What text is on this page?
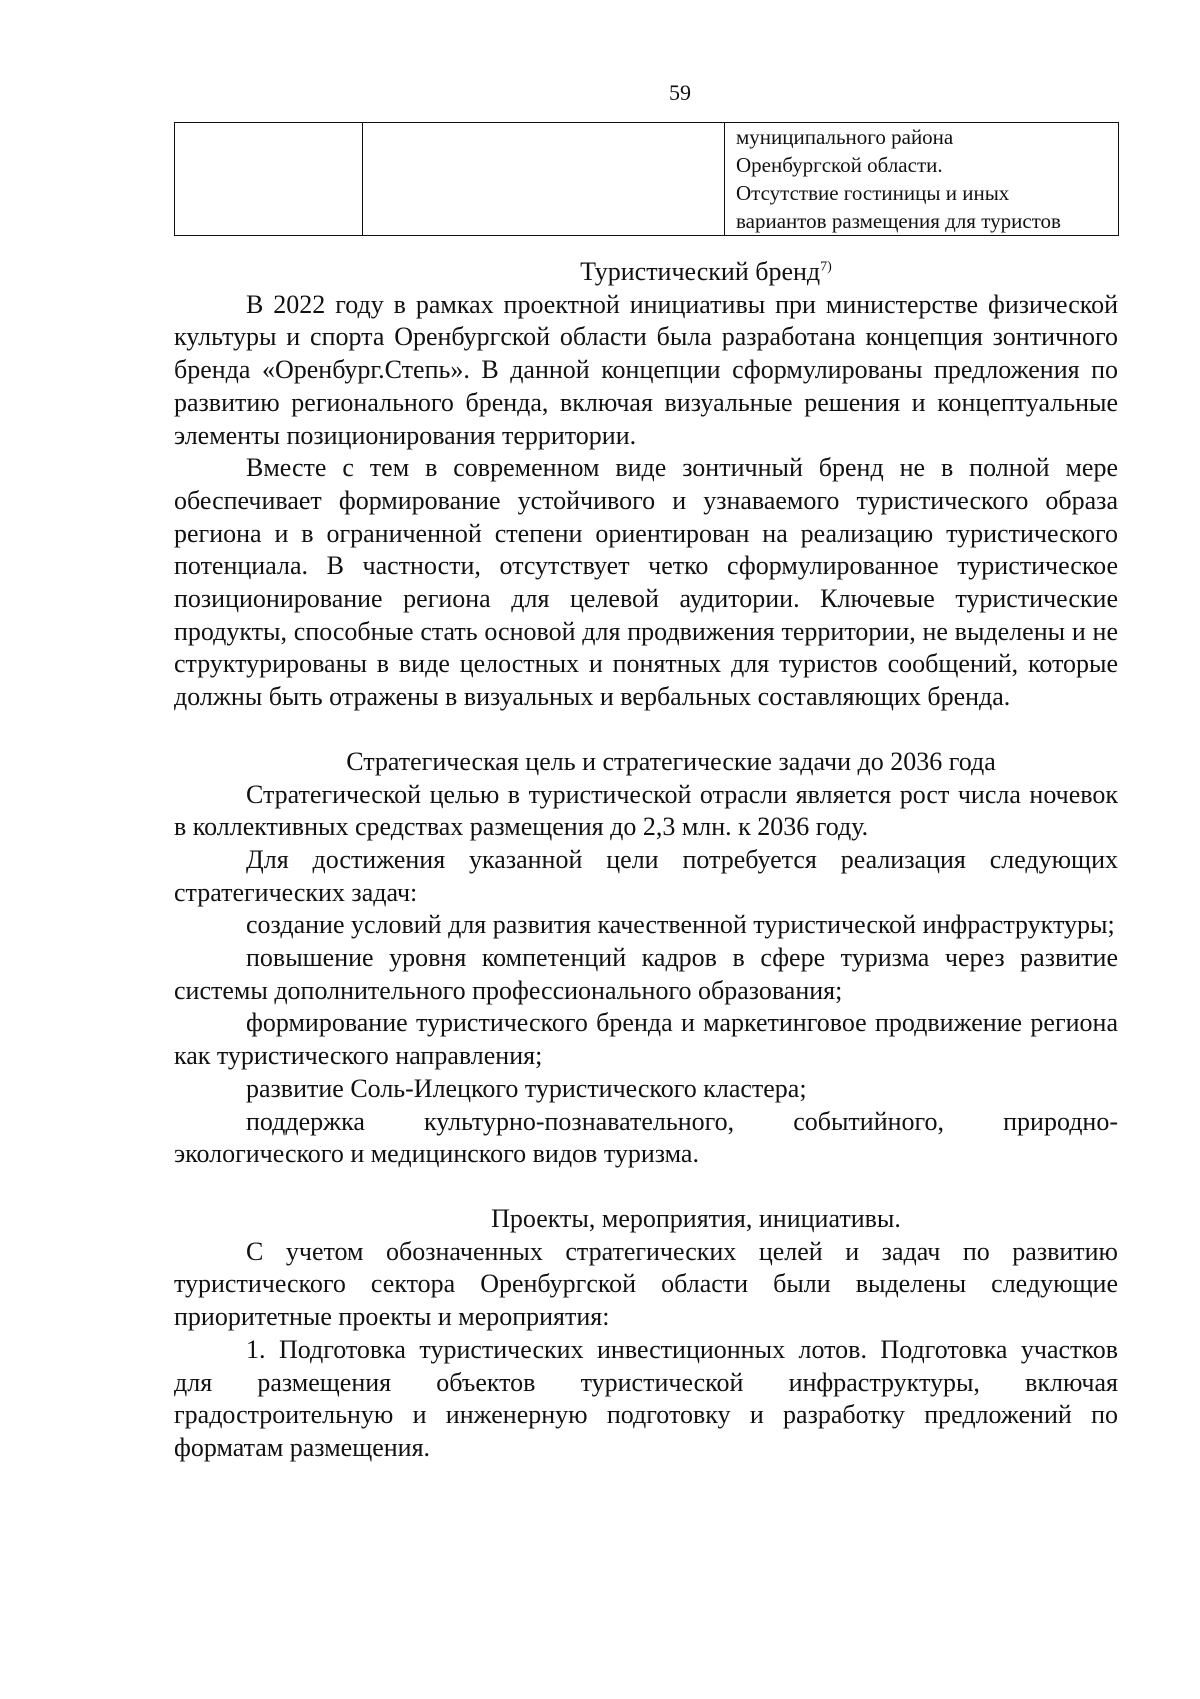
59

муниципального района
Оренбургской области.
Отсутствие гостиницы и иных
вариантов размещения для туристов

Туристический бренд$^{7)}$

В 2022 году в рамках проектной инициативы при министерстве физической культуры и спорта Оренбургской области была разработана концепция зонтичного бренда «Оренбург.Степь». В данной концепции сформулированы предложения по развитию регионального бренда, включая визуальные решения и концептуальные элементы позиционирования территории.

Вместе с тем в современном виде зонтичный бренд не в полной мере обеспечивает формирование устойчивого и узнаваемого туристического образа региона и в ограниченной степени ориентирован на реализацию туристического потенциала. В частности, отсутствует четко сформулированное туристическое позиционирование региона для целевой аудитории. Ключевые туристические продукты, способные стать основой для продвижения территории, не выделены и не структурированы в виде целостных и понятных для туристов сообщений, которые должны быть отражены в визуальных и вербальных составляющих бренда.

Стратегическая цель и стратегические задачи до 2036 года

Стратегической целью в туристической отрасли является рост числа ночевок в коллективных средствах размещения до 2,3 млн. к 2036 году.

Для достижения указанной цели потребуется реализация следующих стратегических задач:

создание условий для развития качественной туристической инфраструктуры;

повышение уровня компетенций кадров в сфере туризма через развитие системы дополнительного профессионального образования;

формирование туристического бренда и маркетинговое продвижение региона как туристического направления;

развитие Соль-Илецкого туристического кластера;

поддержка культурно-познавательного, событийного, природно-экологического и медицинского видов туризма.

Проекты, мероприятия, инициативы.

С учетом обозначенных стратегических целей и задач по развитию туристического сектора Оренбургской области были выделены следующие приоритетные проекты и мероприятия:

1. Подготовка туристических инвестиционных лотов. Подготовка участков для размещения объектов туристической инфраструктуры, включая градостроительную и инженерную подготовку и разработку предложений по форматам размещения.
